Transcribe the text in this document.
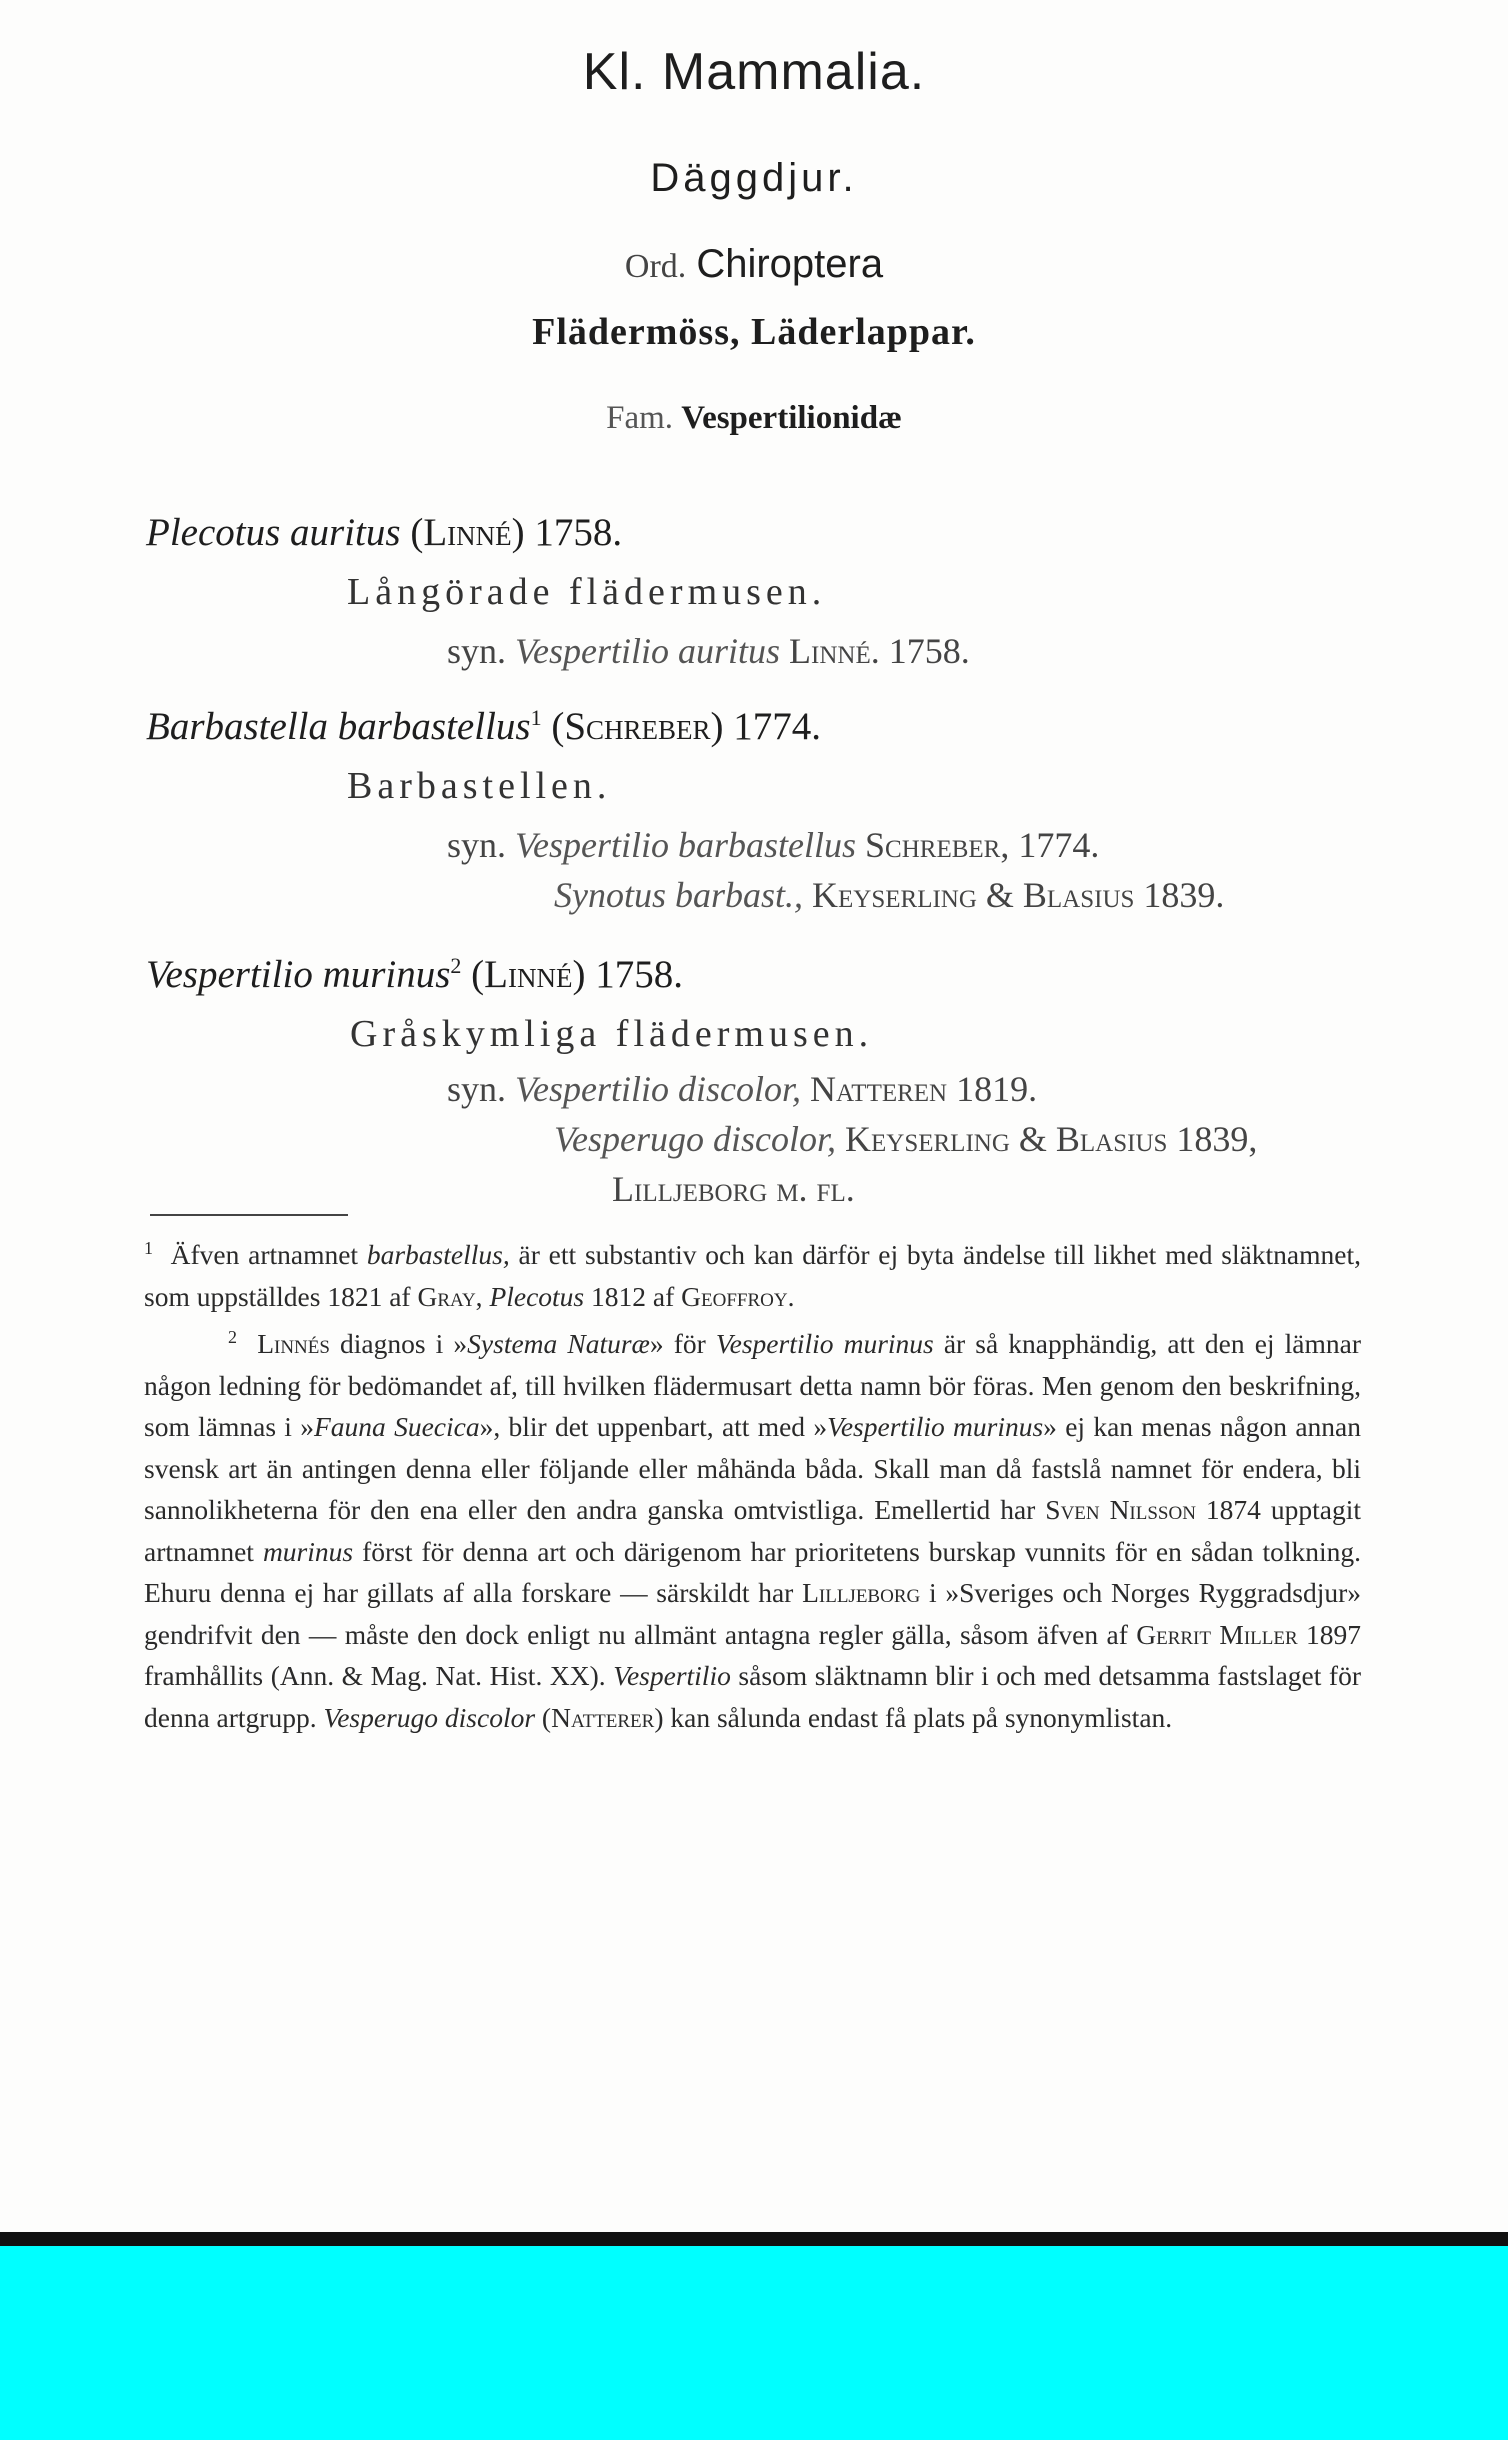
Kl. Mammalia.
Däggdjur.
Ord. Chiroptera
Flädermöss, Läderlappar.
Fam. Vespertilionidæ
Plecotus auritus (Linné) 1758.
Långörade flädermusen.
syn. Vespertilio auritus Linné. 1758.
Barbastella barbastellus$^1$ (Schreber) 1774.
Barbastellen.
syn. Vespertilio barbastellus Schreber, 1774.
Synotus barbast., Keyserling & Blasius 1839.
Vespertilio murinus$^2$ (Linné) 1758.
Gråskymliga flädermusen.
syn. Vespertilio discolor, Natteren 1819.
Vesperugo discolor, Keyserling & Blasius 1839,
Lilljeborg m. fl.

$^1$ Äfven artnamnet barbastellus, är ett substantiv och kan därför ej byta ändelse till likhet med släktnamnet, som uppställdes 1821 af Gray, Plecotus 1812 af Geoffroy.

$^2$ Linnés diagnos i »Systema Naturæ» för Vespertilio murinus är så knapphändig, att den ej lämnar någon ledning för bedömandet af, till hvilken flädermusart detta namn bör föras. Men genom den beskrifning, som lämnas i »Fauna Suecica», blir det uppenbart, att med »Vespertilio murinus» ej kan menas någon annan svensk art än antingen denna eller följande eller måhända båda. Skall man då fastslå namnet för endera, bli sannolikheterna för den ena eller den andra ganska omtvistliga. Emellertid har Sven Nilsson 1874 upptagit artnamnet murinus först för denna art och därigenom har prioritetens burskap vunnits för en sådan tolkning. Ehuru denna ej har gillats af alla forskare — särskildt har Lilljeborg i »Sveriges och Norges Ryggradsdjur» gendrifvit den — måste den dock enligt nu allmänt antagna regler gälla, såsom äfven af Gerrit Miller 1897 framhållits (Ann. & Mag. Nat. Hist. XX). Vespertilio såsom släktnamn blir i och med detsamma fastslaget för denna artgrupp. Vesperugo discolor (Natterer) kan sålunda endast få plats på synonymlistan.
